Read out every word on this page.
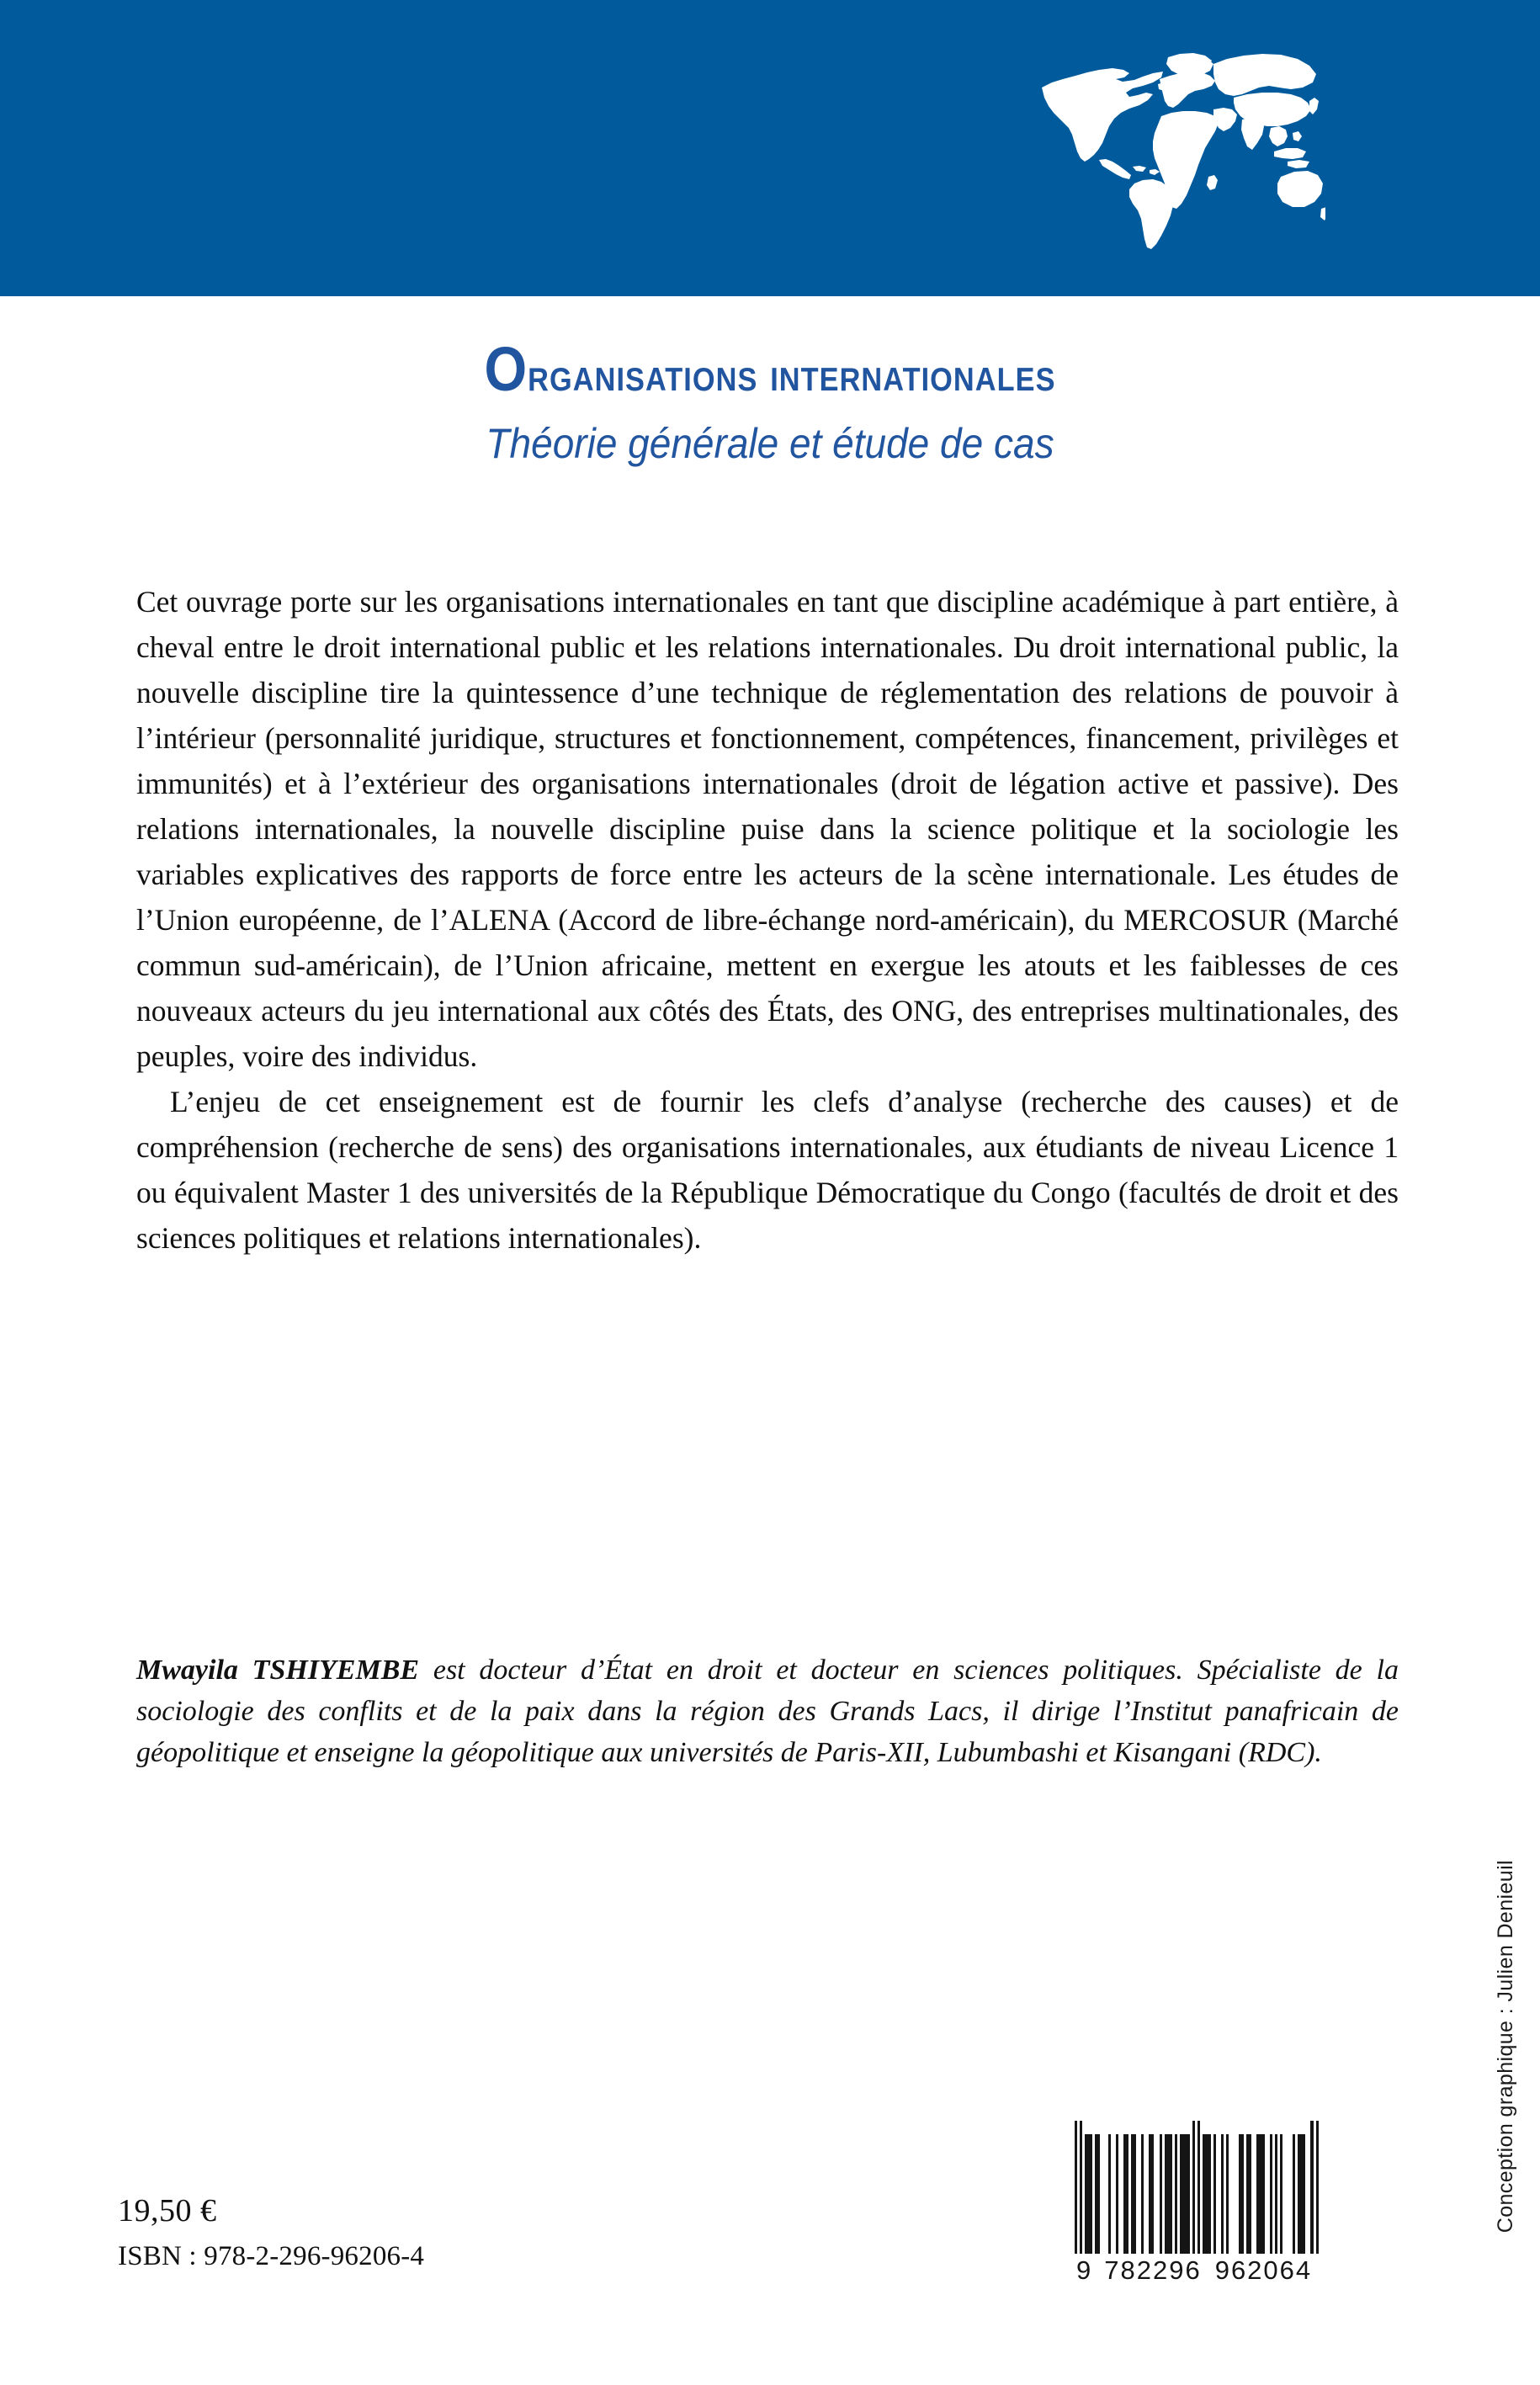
Organisations internationales
Théorie générale et étude de cas

Cet ouvrage porte sur les organisations internationales en tant que discipline académique à part entière, à cheval entre le droit international public et les relations internationales. Du droit international public, la nouvelle discipline tire la quintessence d’une technique de réglementation des relations de pouvoir à l’intérieur (personnalité juridique, structures et fonctionnement, compétences, financement, privilèges et immunités) et à l’extérieur des organisations internationales (droit de légation active et passive). Des relations internationales, la nouvelle discipline puise dans la science politique et la sociologie les variables explicatives des rapports de force entre les acteurs de la scène internationale. Les études de l’Union européenne, de l’ALENA (Accord de libre-échange nord-américain), du MERCOSUR (Marché commun sud-américain), de l’Union africaine, mettent en exergue les atouts et les faiblesses de ces nouveaux acteurs du jeu international aux côtés des États, des ONG, des entreprises multinationales, des peuples, voire des individus.

L’enjeu de cet enseignement est de fournir les clefs d’analyse (recherche des causes) et de compréhension (recherche de sens) des organisations internationales, aux étudiants de niveau Licence 1 ou équivalent Master 1 des universités de la République Démocratique du Congo (facultés de droit et des sciences politiques et relations internationales).

Mwayila TSHIYEMBE est docteur d’État en droit et docteur en sciences politiques. Spécialiste de la sociologie des conflits et de la paix dans la région des Grands Lacs, il dirige l’Institut panafricain de géopolitique et enseigne la géopolitique aux universités de Paris-XII, Lubumbashi et Kisangani (RDC).

Conception graphique : Julien Denieuil
19,50 €
ISBN : 978-2-296-96206-4	9 782296 962064
